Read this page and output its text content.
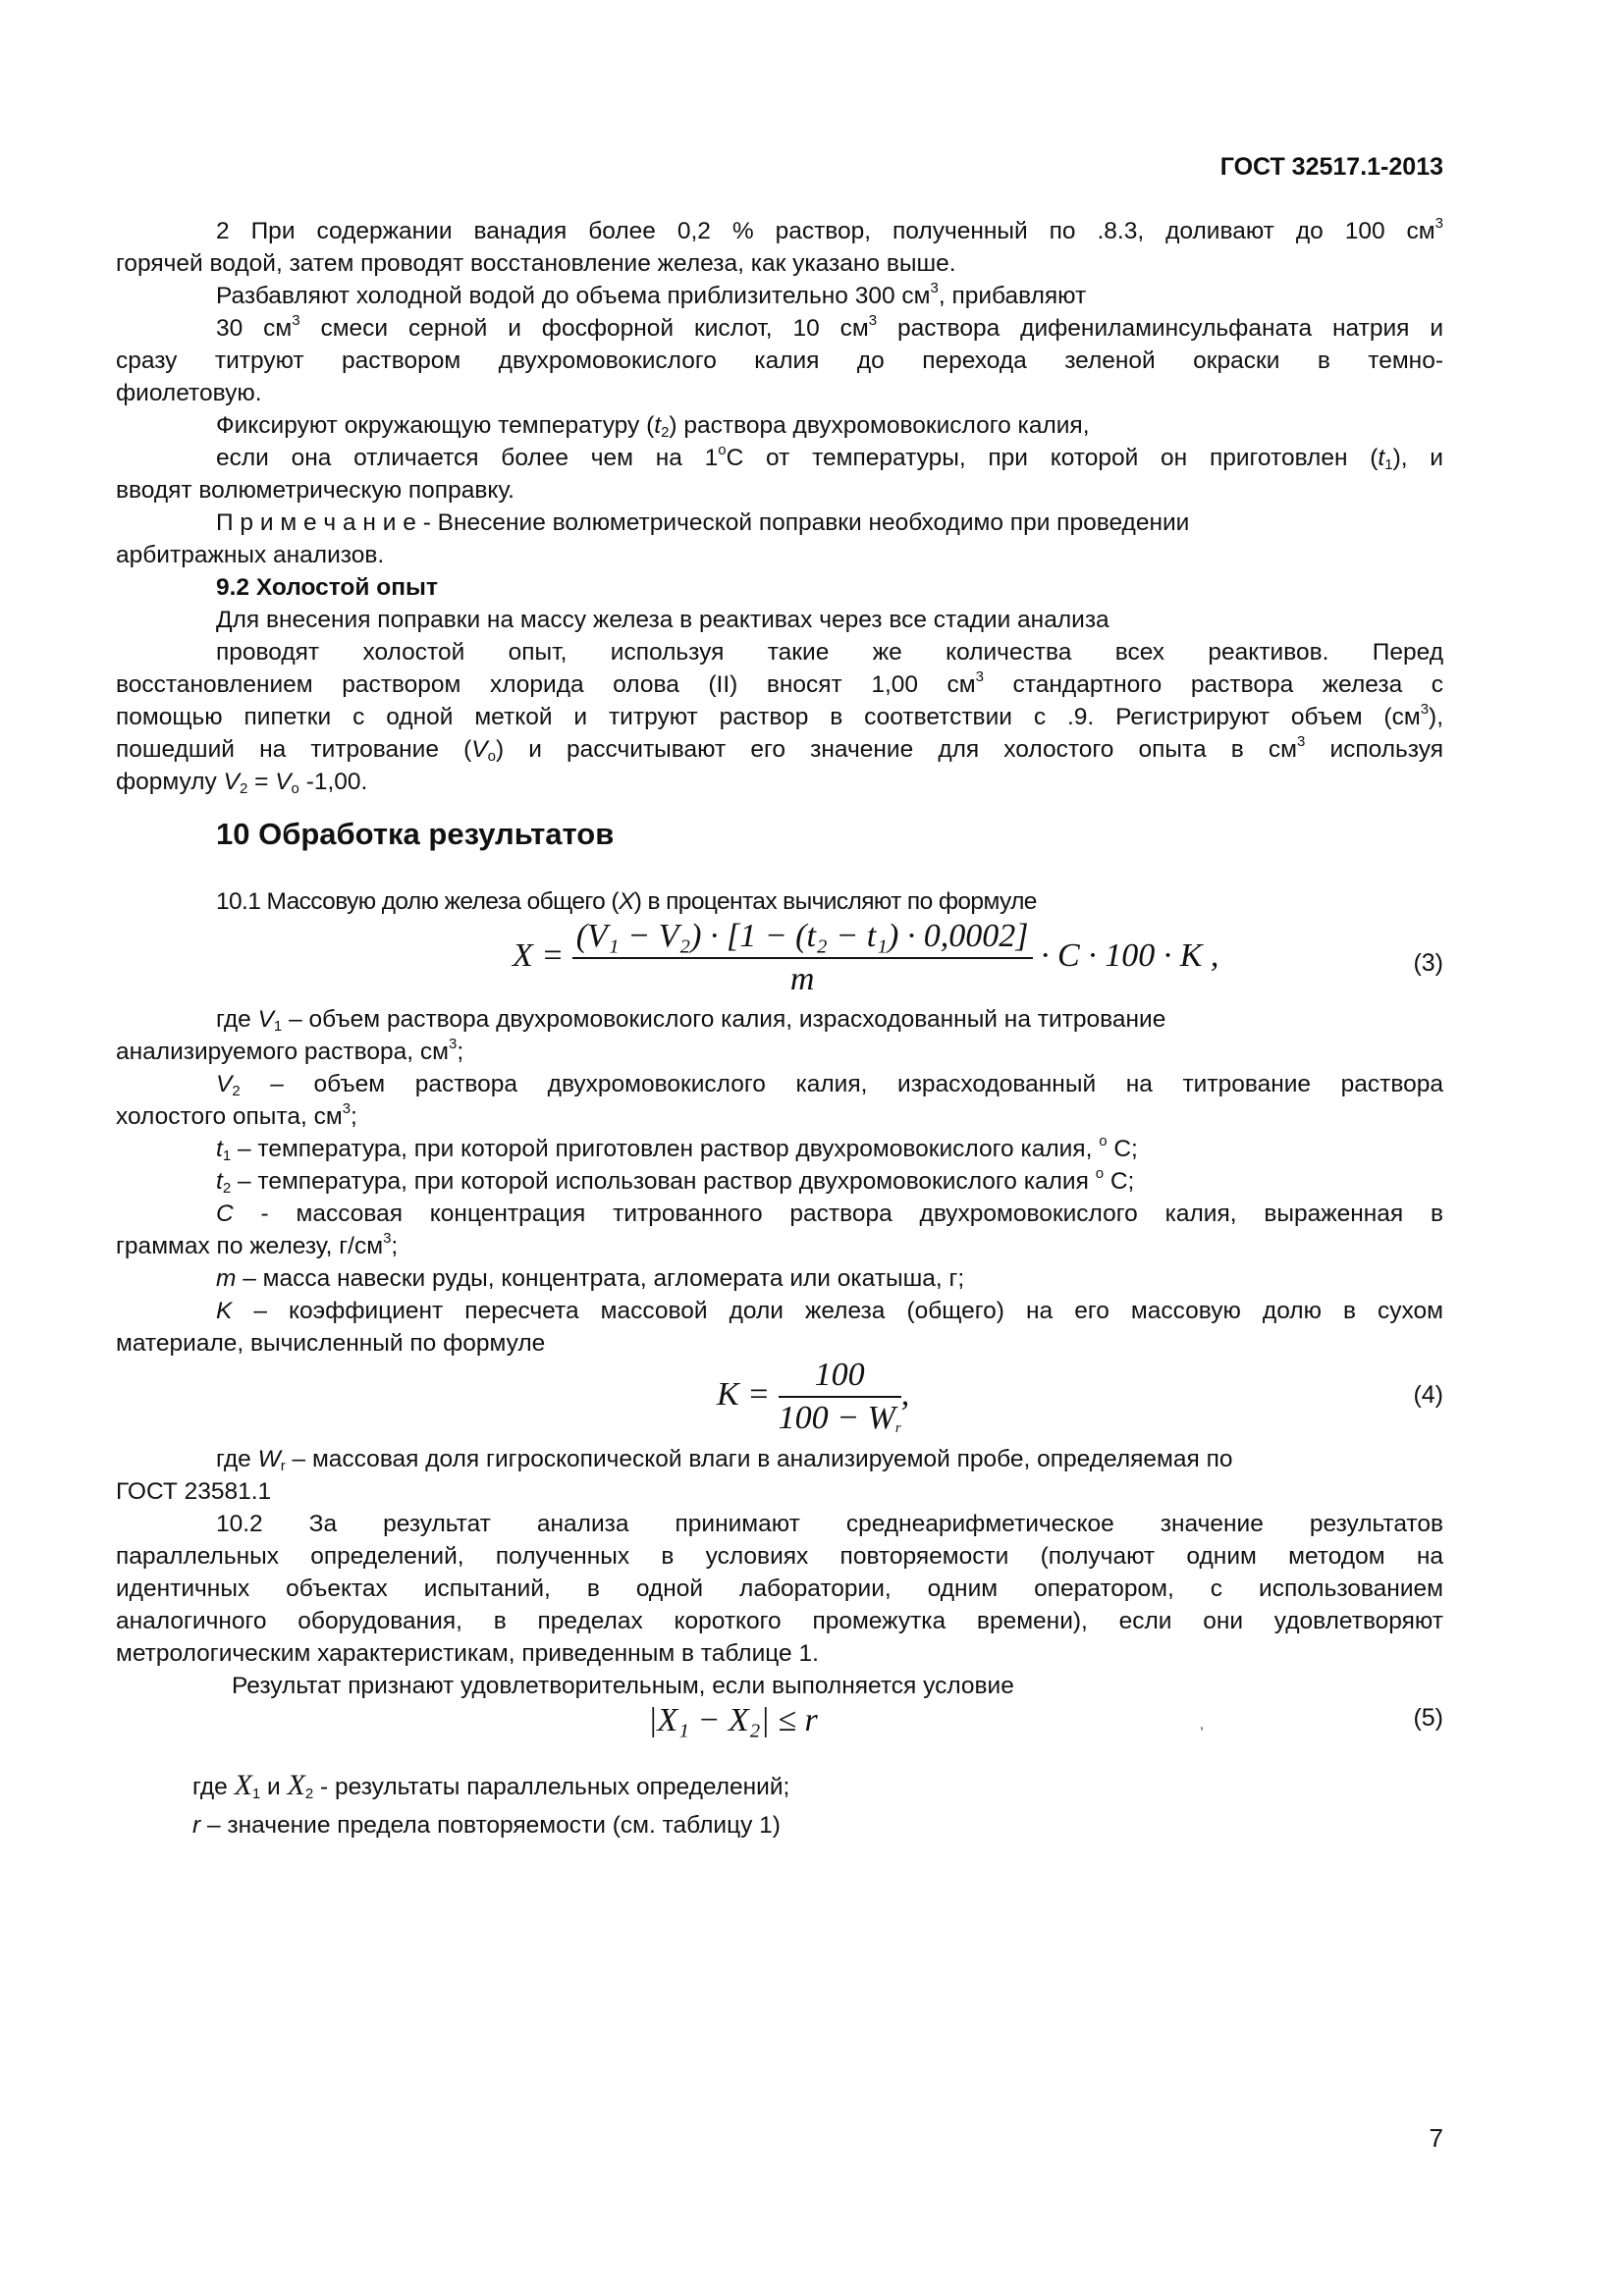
ГОСТ 32517.1-2013
2 При содержании ванадия более 0,2 % раствор, полученный по .8.3, доливают до 100 $см^3$
горячей водой, затем проводят восстановление железа, как указано выше.
Разбавляют холодной водой до объема приблизительно 300 $см^3$, прибавляют
30 $см^3$ смеси серной и фосфорной кислот, 10 $см^3$ раствора дифениламинсульфаната натрия и
сразу титруют раствором двухромовокислого калия до перехода зеленой окраски в темно-
фиолетовую.
Фиксируют окружающую температуру $(t_2)$ раствора двухромовокислого калия,
если она отличается более чем на 1$^o$С от температуры, при которой он приготовлен $(t_1)$, и
вводят волюметрическую поправку.
П р и м е ч а н и е - Внесение волюметрической поправки необходимо при проведении
арбитражных анализов.
9.2 Холостой опыт
Для внесения поправки на массу железа в реактивах через все стадии анализа
проводят холостой опыт, используя такие же количества всех реактивов. Перед
восстановлением раствором хлорида олова (II) вносят 1,00 $см^3$ стандартного раствора железа с
помощью пипетки с одной меткой и титруют раствор в соответствии с .9. Регистрируют объем $(см^3)$,
пошедший на титрование $(V_o)$ и рассчитывают его значение для холостого опыта в $см^3$ используя
формулу $V_2 = V_o$ -1,00.
10 Обработка результатов
10.1 Массовую долю железа общего (X) в процентах вычисляют по формуле
$X = \frac{\text{(V₁ − V₂) · [1 − (t₂ − t₁) · 0,0002]}}{m} \cdot C \cdot 100 \cdot K$ ,	(3)
где $V_1$ – объем раствора двухромовокислого калия, израсходованный на титрование
анализируемого раствора, $см^3$;
$V_2$ – объем раствора двухромовокислого калия, израсходованный на титрование раствора
холостого опыта, $см^3$;
$t_1$ – температура, при которой приготовлен раствор двухромовокислого калия, $^o$ С;
$t_2$ – температура, при которой использован раствор двухромовокислого калия $^o$ С;
С - массовая концентрация титрованного раствора двухромовокислого калия, выраженная в
граммах по железу, $г/см^3$;
m – масса навески руды, концентрата, агломерата или окатыша, г;
K – коэффициент пересчета массовой доли железа (общего) на его массовую долю в сухом
материале, вычисленный по формуле
$K = \frac{100}{100 - W_r}$ ,	(4)
где $W_r$ – массовая доля гигроскопической влаги в анализируемой пробе, определяемая по
ГОСТ 23581.1
10.2 За результат анализа принимают среднеарифметическое значение результатов
параллельных определений, полученных в условиях повторяемости (получают одним методом на
идентичных объектах испытаний, в одной лаборатории, одним оператором, с использованием
аналогичного оборудования, в пределах короткого промежутка времени), если они удовлетворяют
метрологическим характеристикам, приведенным в таблице 1.
Результат признают удовлетворительным, если выполняется условие
|X₁ − X₂| ≤ r	,	(5)
где $X_1$ и $X_2$ - результаты параллельных определений;
r – значение предела повторяемости (см. таблицу 1)
7
